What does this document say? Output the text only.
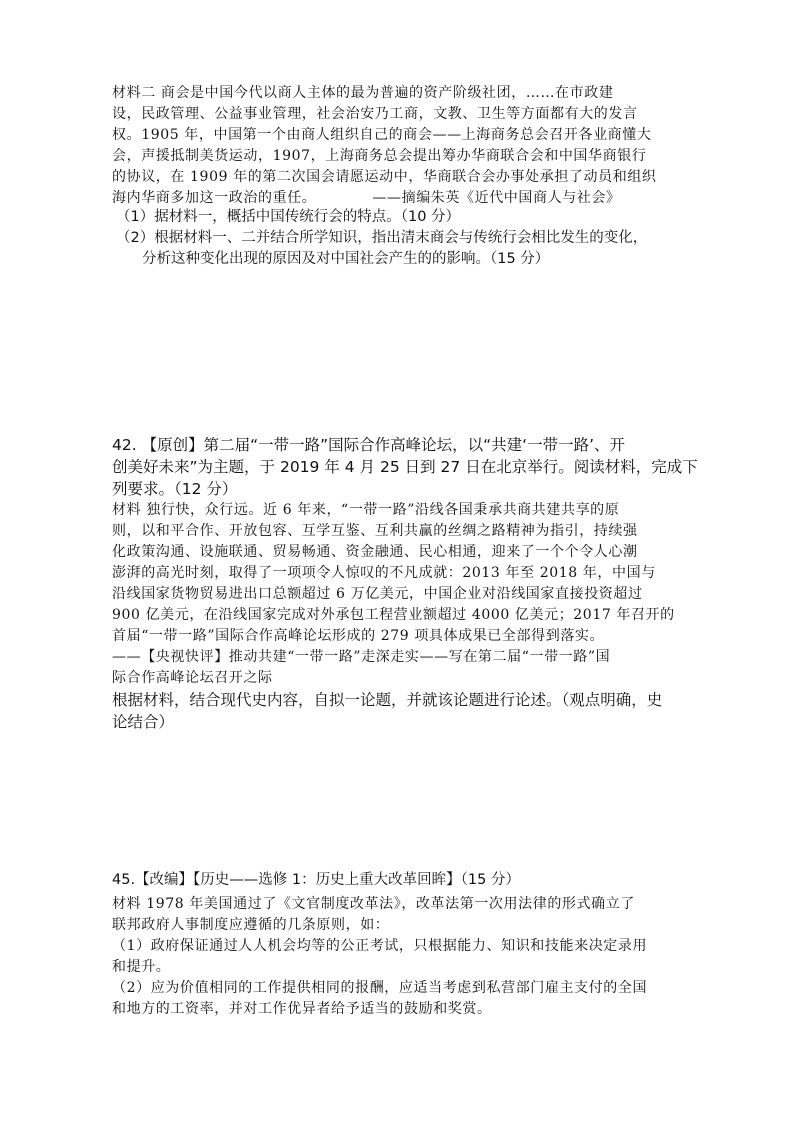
材料二 商会是中国今代以商人主体的最为普遍的资产阶级社团，……在市政建
设，民政管理、公益事业管理，社会治安乃工商，文教、卫生等方面都有大的发言
权。1905 年，中国第一个由商人组织自己的商会——上海商务总会召开各业商懂大
会，声援抵制美货运动，1907，上海商务总会提出筹办华商联合会和中国华商银行
的协议，在 1909 年的第二次国会请愿运动中，华商联合会办事处承担了动员和组织
海内华商多加这一政治的重任。	——摘编朱英《近代中国商人与社会》
（1）据材料一，概括中国传统行会的特点。（10 分）
（2）根据材料一、二并结合所学知识，指出清末商会与传统行会相比发生的变化，
分析这种变化出现的原因及对中国社会产生的的影响。（15 分）
42. 【原创】第二届“一带一路”国际合作高峰论坛，以“共建‘一带一路’、开
创美好未来”为主题，于 2019 年 4 月 25 日到 27 日在北京举行。阅读材料，完成下
列要求。（12 分）
材料 独行快，众行远。近 6 年来，“一带一路”沿线各国秉承共商共建共享的原
则，以和平合作、开放包容、互学互鉴、互利共赢的丝绸之路精神为指引，持续强
化政策沟通、设施联通、贸易畅通、资金融通、民心相通，迎来了一个个令人心潮
澎湃的高光时刻，取得了一项项令人惊叹的不凡成就：2013 年至 2018 年，中国与
沿线国家货物贸易进出口总额超过 6 万亿美元，中国企业对沿线国家直接投资超过
900 亿美元，在沿线国家完成对外承包工程营业额超过 4000 亿美元；2017 年召开的
首届“一带一路”国际合作高峰论坛形成的 279 项具体成果已全部得到落实。
——【央视快评】推动共建“一带一路”走深走实——写在第二届“一带一路”国
际合作高峰论坛召开之际
根据材料，结合现代史内容，自拟一论题，并就该论题进行论述。（观点明确，史
论结合）
45.【改编】【历史——选修 1：历史上重大改革回眸】（15 分）
材料 1978 年美国通过了《文官制度改革法》，改革法第一次用法律的形式确立了
联邦政府人事制度应遵循的几条原则，如：
（1）政府保证通过人人机会均等的公正考试，只根据能力、知识和技能来决定录用
和提升。
（2）应为价值相同的工作提供相同的报酬，应适当考虑到私营部门雇主支付的全国
和地方的工资率，并对工作优异者给予适当的鼓励和奖赏。
